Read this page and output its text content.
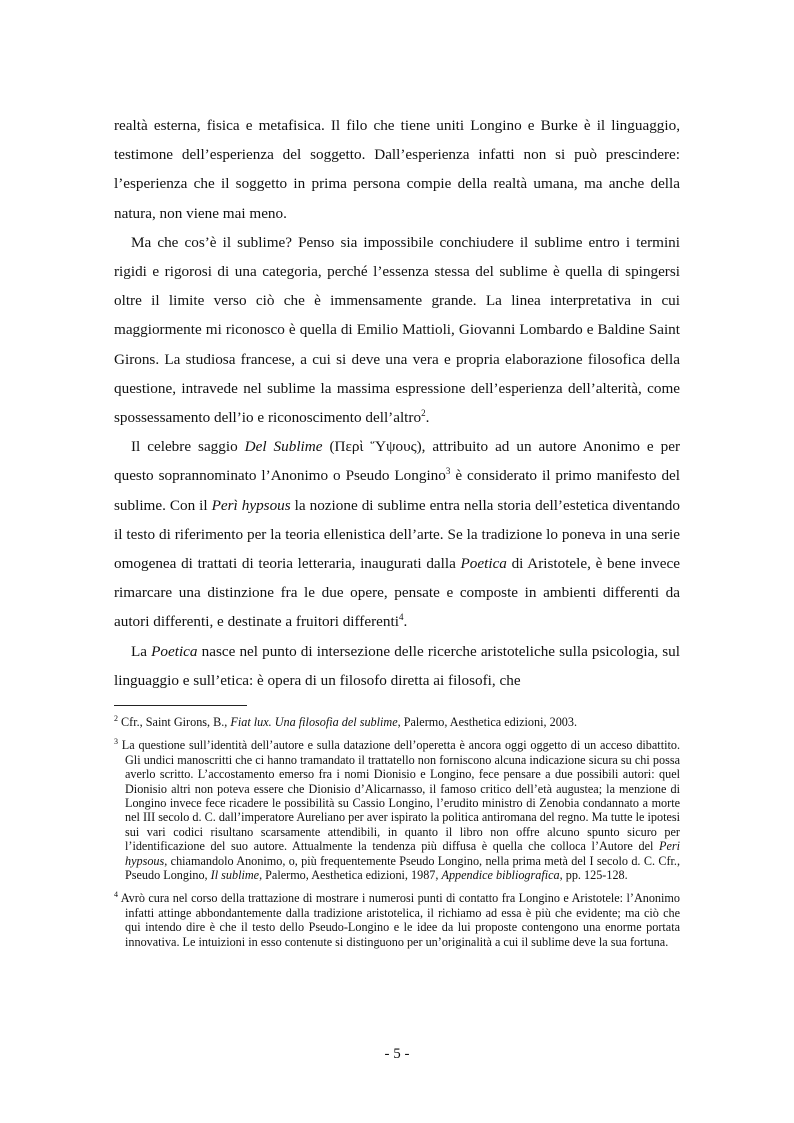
realtà esterna, fisica e metafisica. Il filo che tiene uniti Longino e Burke è il linguaggio, testimone dell’esperienza del soggetto. Dall’esperienza infatti non si può prescindere: l’esperienza che il soggetto in prima persona compie della realtà umana, ma anche della natura, non viene mai meno.

Ma che cos’è il sublime? Penso sia impossibile conchiudere il sublime entro i termini rigidi e rigorosi di una categoria, perché l’essenza stessa del sublime è quella di spingersi oltre il limite verso ciò che è immensamente grande. La linea interpretativa in cui maggiormente mi riconosco è quella di Emilio Mattioli, Giovanni Lombardo e Baldine Saint Girons. La studiosa francese, a cui si deve una vera e propria elaborazione filosofica della questione, intravede nel sublime la massima espressione dell’esperienza dell’alterità, come spossessamento dell’io e riconoscimento dell’altro$^2$.

Il celebre saggio Del Sublime (Περὶ Ὕψους), attribuito ad un autore Anonimo e per questo soprannominato l’Anonimo o Pseudo Longino$^3$ è considerato il primo manifesto del sublime. Con il Perì hypsous la nozione di sublime entra nella storia dell’estetica diventando il testo di riferimento per la teoria ellenistica dell’arte. Se la tradizione lo poneva in una serie omogenea di trattati di teoria letteraria, inaugurati dalla Poetica di Aristotele, è bene invece rimarcare una distinzione fra le due opere, pensate e composte in ambienti differenti da autori differenti, e destinate a fruitori differenti$^4$.

La Poetica nasce nel punto di intersezione delle ricerche aristoteliche sulla psicologia, sul linguaggio e sull’etica: è opera di un filosofo diretta ai filosofi, che

$^2$ Cfr., Saint Girons, B., Fiat lux. Una filosofia del sublime, Palermo, Aesthetica edizioni, 2003.

$^3$ La questione sull’identità dell’autore e sulla datazione dell’operetta è ancora oggi oggetto di un acceso dibattito. Gli undici manoscritti che ci hanno tramandato il trattatello non forniscono alcuna indicazione sicura su chi possa averlo scritto. L’accostamento emerso fra i nomi Dionisio e Longino, fece pensare a due possibili autori: quel Dionisio altri non poteva essere che Dionisio d’Alicarnasso, il famoso critico dell’età augustea; la menzione di Longino invece fece ricadere le possibilità su Cassio Longino, l’erudito ministro di Zenobia condannato a morte nel III secolo d. C. dall’imperatore Aureliano per aver ispirato la politica antiromana del regno. Ma tutte le ipotesi sui vari codici risultano scarsamente attendibili, in quanto il libro non offre alcuno spunto sicuro per l’identificazione del suo autore. Attualmente la tendenza più diffusa è quella che colloca l’Autore del Peri hypsous, chiamandolo Anonimo, o, più frequentemente Pseudo Longino, nella prima metà del I secolo d. C. Cfr., Pseudo Longino, Il sublime, Palermo, Aesthetica edizioni, 1987, Appendice bibliografica, pp. 125-128.

$^4$ Avrò cura nel corso della trattazione di mostrare i numerosi punti di contatto fra Longino e Aristotele: l’Anonimo infatti attinge abbondantemente dalla tradizione aristotelica, il richiamo ad essa è più che evidente; ma ciò che qui intendo dire è che il testo dello Pseudo-Longino e le idee da lui proposte contengono una enorme portata innovativa. Le intuizioni in esso contenute si distinguono per un’originalità a cui il sublime deve la sua fortuna.

- 5 -
